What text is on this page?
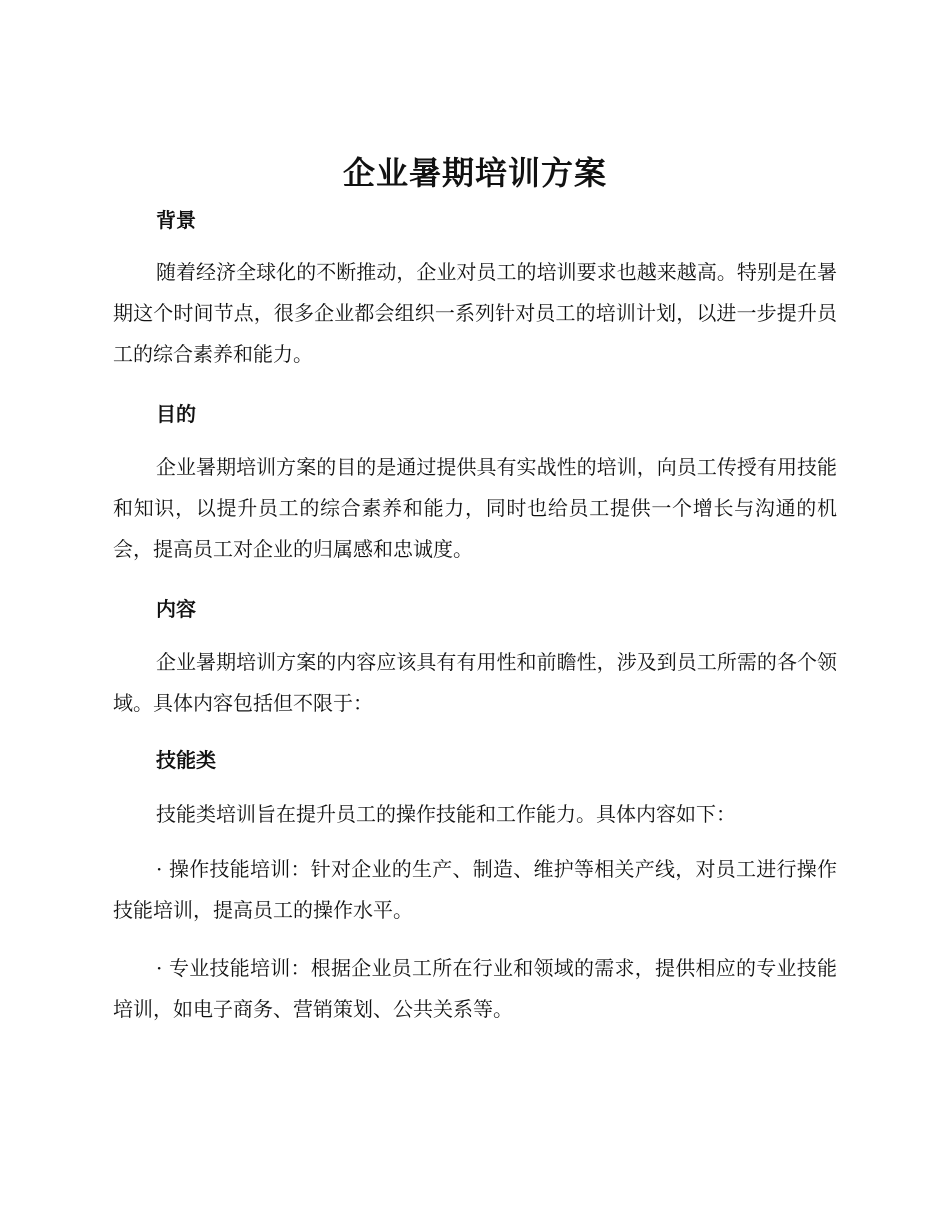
企业暑期培训方案
背景

随着经济全球化的不断推动，企业对员工的培训要求也越来越高。特别是在暑期这个时间节点，很多企业都会组织一系列针对员工的培训计划，以进一步提升员工的综合素养和能力。

目的

企业暑期培训方案的目的是通过提供具有实战性的培训，向员工传授有用技能和知识，以提升员工的综合素养和能力，同时也给员工提供一个增长与沟通的机会，提高员工对企业的归属感和忠诚度。

内容

企业暑期培训方案的内容应该具有有用性和前瞻性，涉及到员工所需的各个领域。具体内容包括但不限于：

技能类

技能类培训旨在提升员工的操作技能和工作能力。具体内容如下：

· 操作技能培训：针对企业的生产、制造、维护等相关产线，对员工进行操作技能培训，提高员工的操作水平。

· 专业技能培训：根据企业员工所在行业和领域的需求，提供相应的专业技能培训，如电子商务、营销策划、公共关系等。
